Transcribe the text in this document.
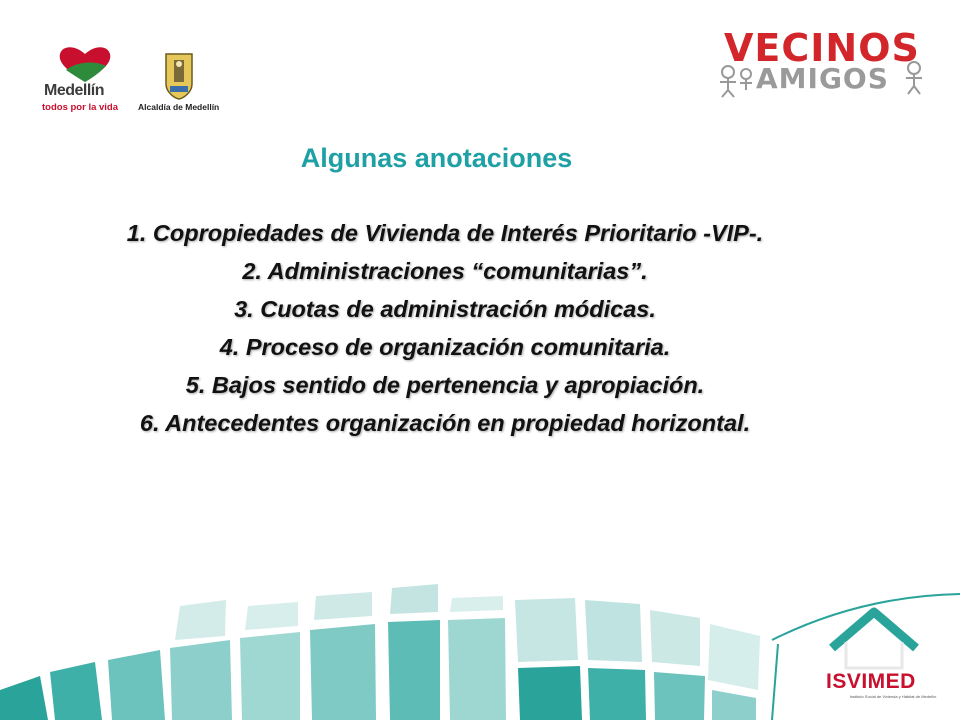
Medellín
todos por la vida Alcaldía de Medellín
VECINOS
AMIGOS
Algunas anotaciones
1. Copropiedades de Vivienda de Interés Prioritario -VIP-.
2. Administraciones “comunitarias”.
3. Cuotas de administración módicas.
4. Proceso de organización comunitaria.
5. Bajos sentido de pertenencia y apropiación.
6. Antecedentes organización en propiedad horizontal.
ISVIMED
Instituto Social de Vivienda y Hábitat de Medellín
